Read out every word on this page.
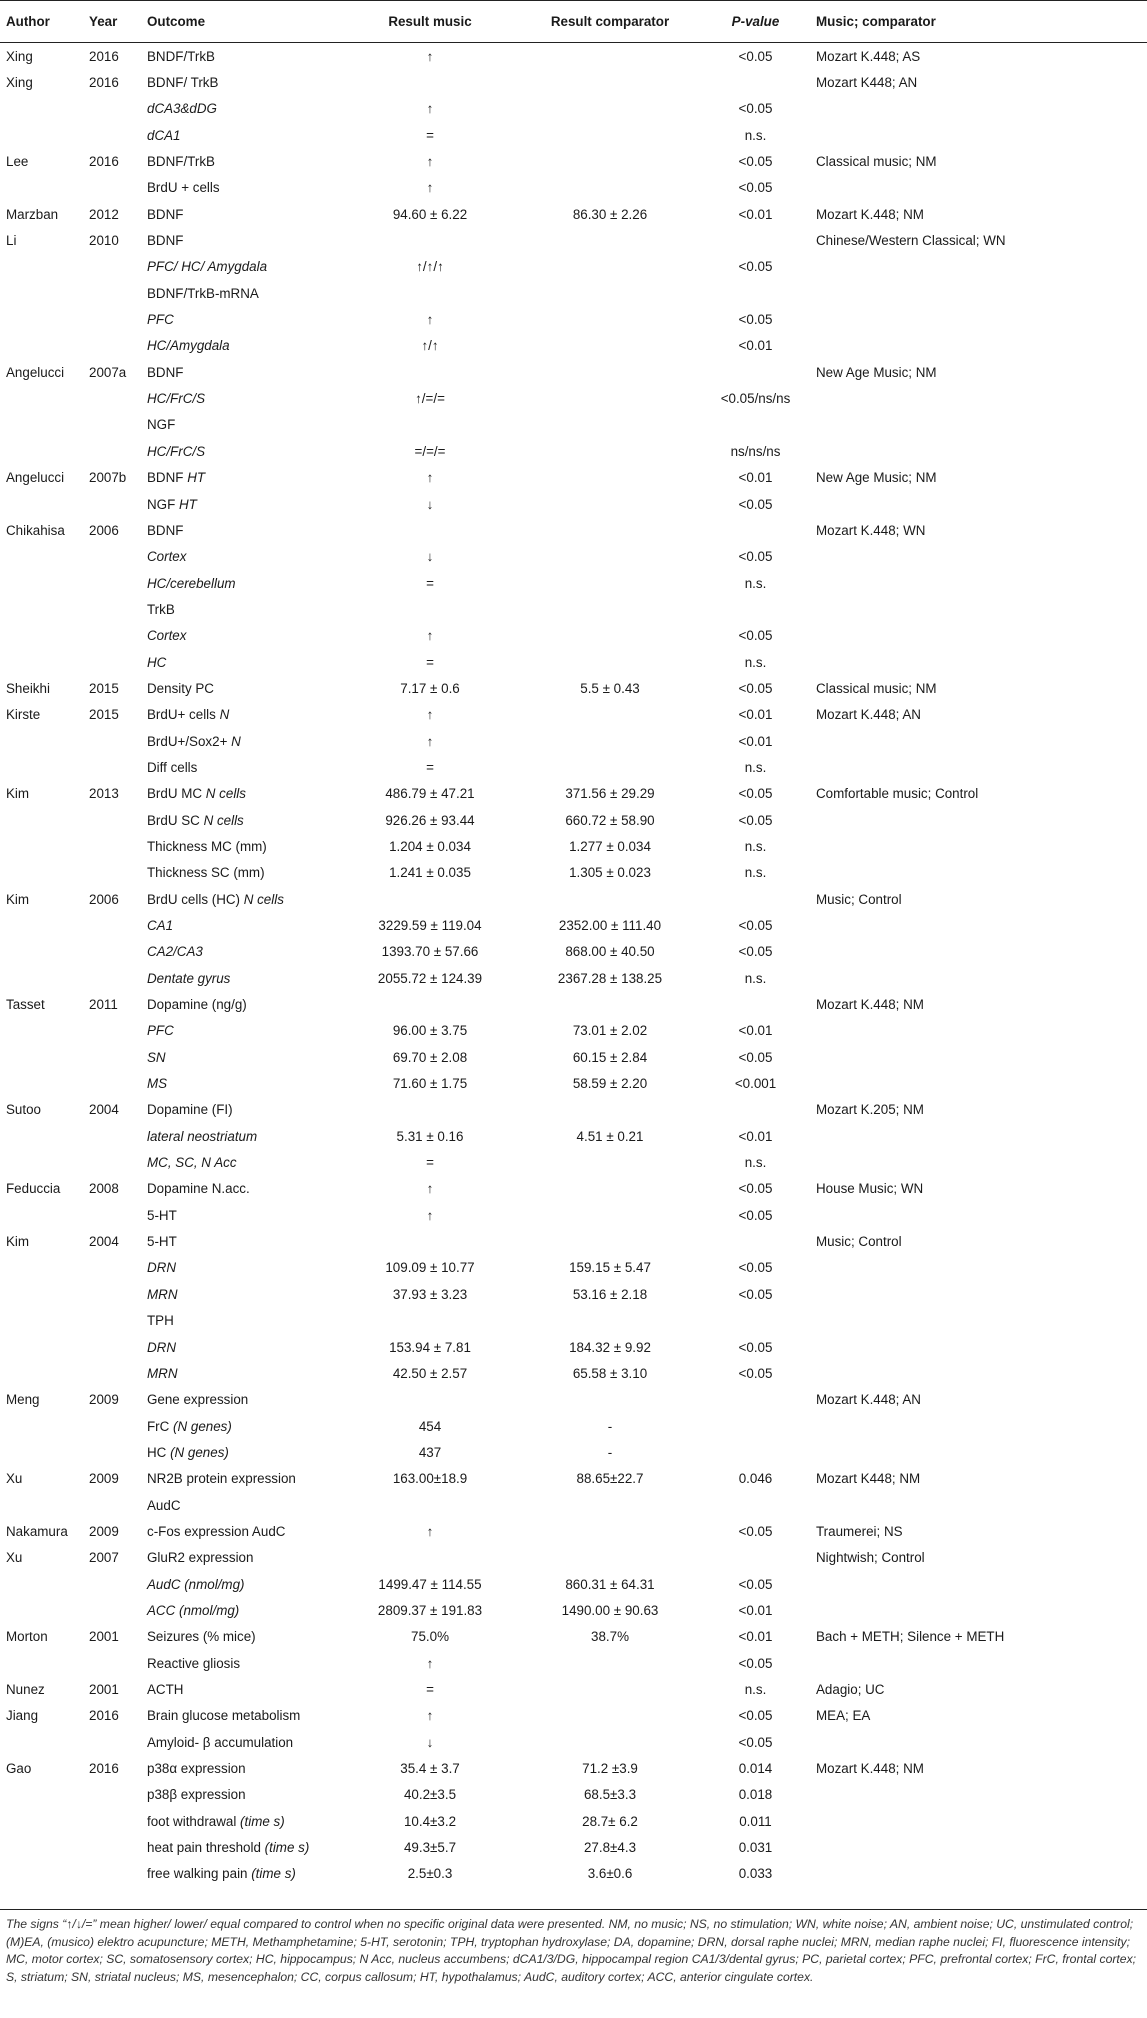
Author	Year	Outcome	Result music	Result comparator	P-value	Music; comparator
Xing	2016	BNDF/TrkB	↑		<0.05	Mozart K.448; AS
Xing	2016	BDNF/ TrkB				Mozart K448; AN
		dCA3&dDG	↑		<0.05	
		dCA1	=		n.s.	
Lee	2016	BDNF/TrkB	↑		<0.05	Classical music; NM
		BrdU + cells	↑		<0.05	
Marzban	2012	BDNF	94.60 ± 6.22	86.30 ± 2.26	<0.01	Mozart K.448; NM
Li	2010	BDNF				Chinese/Western Classical; WN
		PFC/ HC/ Amygdala	↑/↑/↑		<0.05	
		BDNF/TrkB-mRNA				
		PFC	↑		<0.05	
		HC/Amygdala	↑/↑		<0.01	
Angelucci	2007a	BDNF				New Age Music; NM
		HC/FrC/S	↑/=/=		<0.05/ns/ns	
		NGF				
		HC/FrC/S	=/=/=		ns/ns/ns	
Angelucci	2007b	BDNF HT	↑		<0.01	New Age Music; NM
		NGF HT	↓		<0.05	
Chikahisa	2006	BDNF				Mozart K.448; WN
		Cortex	↓		<0.05	
		HC/cerebellum	=		n.s.	
		TrkB				
		Cortex	↑		<0.05	
		HC	=		n.s.	
Sheikhi	2015	Density PC	7.17 ± 0.6	5.5 ± 0.43	<0.05	Classical music; NM
Kirste	2015	BrdU+ cells N	↑		<0.01	Mozart K.448; AN
		BrdU+/Sox2+ N	↑		<0.01	
		Diff cells	=		n.s.	
Kim	2013	BrdU MC N cells	486.79 ± 47.21	371.56 ± 29.29	<0.05	Comfortable music; Control
		BrdU SC N cells	926.26 ± 93.44	660.72 ± 58.90	<0.05	
		Thickness MC (mm)	1.204 ± 0.034	1.277 ± 0.034	n.s.	
		Thickness SC (mm)	1.241 ± 0.035	1.305 ± 0.023	n.s.	
Kim	2006	BrdU cells (HC) N cells				Music; Control
		CA1	3229.59 ± 119.04	2352.00 ± 111.40	<0.05	
		CA2/CA3	1393.70 ± 57.66	868.00 ± 40.50	<0.05	
		Dentate gyrus	2055.72 ± 124.39	2367.28 ± 138.25	n.s.	
Tasset	2011	Dopamine (ng/g)				Mozart K.448; NM
		PFC	96.00 ± 3.75	73.01 ± 2.02	<0.01	
		SN	69.70 ± 2.08	60.15 ± 2.84	<0.05	
		MS	71.60 ± 1.75	58.59 ± 2.20	<0.001	
Sutoo	2004	Dopamine (FI)				Mozart K.205; NM
		lateral neostriatum	5.31 ± 0.16	4.51 ± 0.21	<0.01	
		MC, SC, N Acc	=		n.s.	
Feduccia	2008	Dopamine N.acc.	↑		<0.05	House Music; WN
		5-HT	↑		<0.05	
Kim	2004	5-HT				Music; Control
		DRN	109.09 ± 10.77	159.15 ± 5.47	<0.05	
		MRN	37.93 ± 3.23	53.16 ± 2.18	<0.05	
		TPH				
		DRN	153.94 ± 7.81	184.32 ± 9.92	<0.05	
		MRN	42.50 ± 2.57	65.58 ± 3.10	<0.05	
Meng	2009	Gene expression				Mozart K.448; AN
		FrC (N genes)	454	-		
		HC (N genes)	437	-		
Xu	2009	NR2B protein expression	163.00±18.9	88.65±22.7	0.046	Mozart K448; NM
		AudC				
Nakamura	2009	c-Fos expression AudC	↑		<0.05	Traumerei; NS
Xu	2007	GluR2 expression				Nightwish; Control
		AudC (nmol/mg)	1499.47 ± 114.55	860.31 ± 64.31	<0.05	
		ACC (nmol/mg)	2809.37 ± 191.83	1490.00 ± 90.63	<0.01	
Morton	2001	Seizures (% mice)	75.0%	38.7%	<0.01	Bach + METH; Silence + METH
		Reactive gliosis	↑		<0.05	
Nunez	2001	ACTH	=		n.s.	Adagio; UC
Jiang	2016	Brain glucose metabolism	↑		<0.05	MEA; EA
		Amyloid- β accumulation	↓		<0.05	
Gao	2016	p38α expression	35.4 ± 3.7	71.2 ±3.9	0.014	Mozart K.448; NM
		p38β expression	40.2±3.5	68.5±3.3	0.018	
		foot withdrawal (time s)	10.4±3.2	28.7± 6.2	0.011	
		heat pain threshold (time s)	49.3±5.7	27.8±4.3	0.031	
		free walking pain (time s)	2.5±0.3	3.6±0.6	0.033	
The signs “↑/↓/=” mean higher/ lower/ equal compared to control when no specific original data were presented. NM, no music; NS, no stimulation; WN, white noise; AN, ambient noise; UC, unstimulated control; (M)EA, (musico) elektro acupuncture; METH, Methamphetamine; 5-HT, serotonin; TPH, tryptophan hydroxylase; DA, dopamine; DRN, dorsal raphe nuclei; MRN, median raphe nuclei; FI, fluorescence intensity; MC, motor cortex; SC, somatosensory cortex; HC, hippocampus; N Acc, nucleus accumbens; dCA1/3/DG, hippocampal region CA1/3/dental gyrus; PC, parietal cortex; PFC, prefrontal cortex; FrC, frontal cortex; S, striatum; SN, striatal nucleus; MS, mesencephalon; CC, corpus callosum; HT, hypothalamus; AudC, auditory cortex; ACC, anterior cingulate cortex.
